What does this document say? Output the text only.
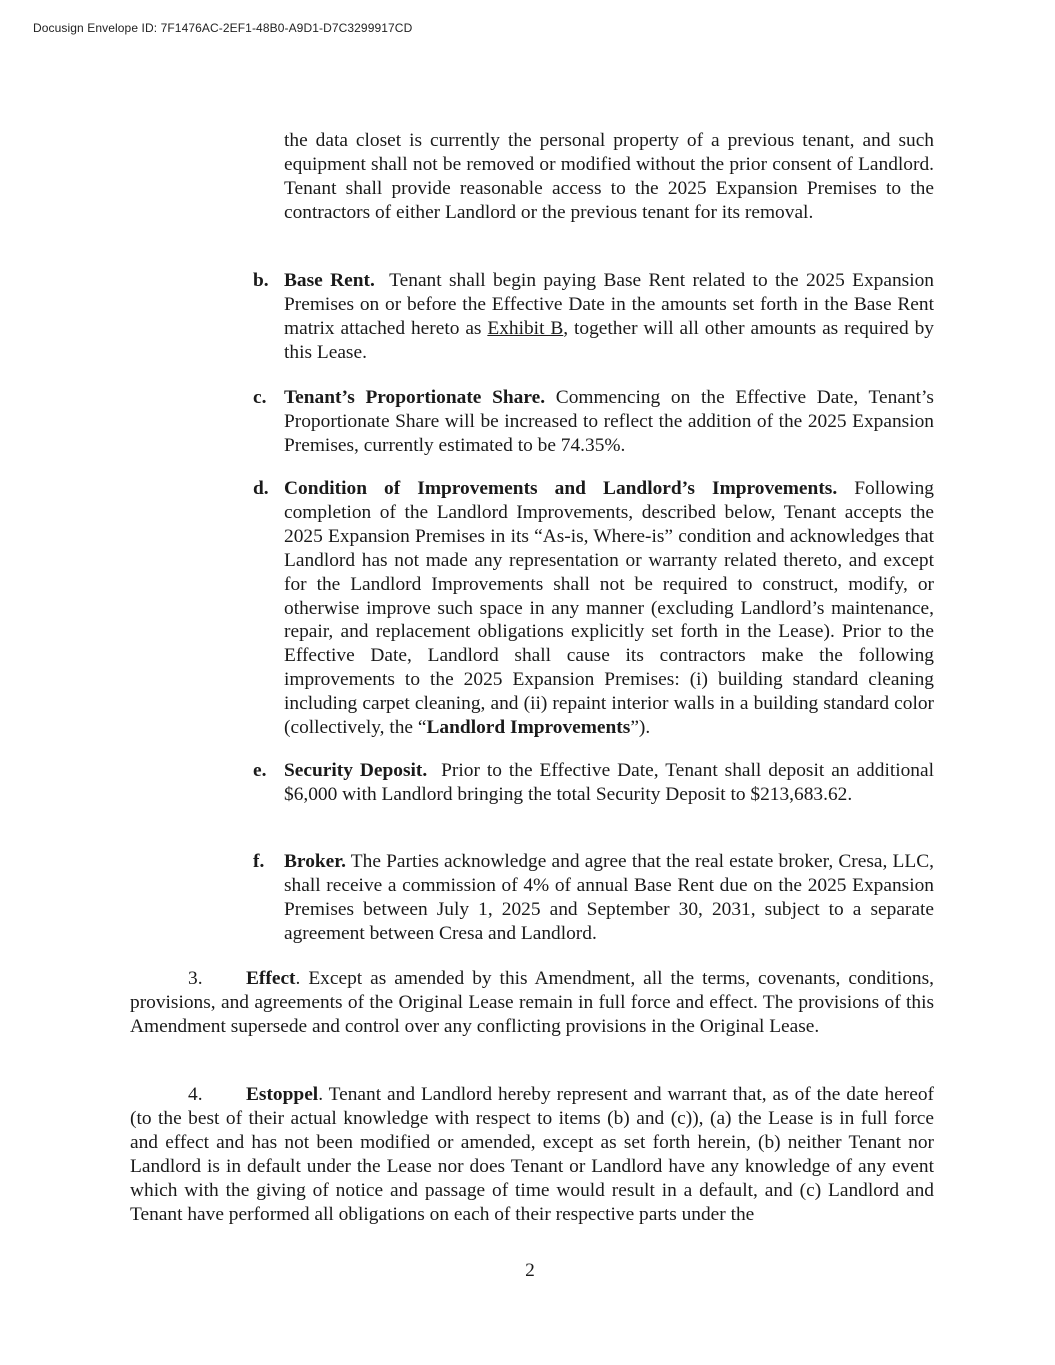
Docusign Envelope ID: 7F1476AC-2EF1-48B0-A9D1-D7C3299917CD
the data closet is currently the personal property of a previous tenant, and such equipment shall not be removed or modified without the prior consent of Landlord. Tenant shall provide reasonable access to the 2025 Expansion Premises to the contractors of either Landlord or the previous tenant for its removal.
b. Base Rent. Tenant shall begin paying Base Rent related to the 2025 Expansion Premises on or before the Effective Date in the amounts set forth in the Base Rent matrix attached hereto as Exhibit B, together will all other amounts as required by this Lease.
c. Tenant’s Proportionate Share. Commencing on the Effective Date, Tenant’s Proportionate Share will be increased to reflect the addition of the 2025 Expansion Premises, currently estimated to be 74.35%.
d. Condition of Improvements and Landlord’s Improvements. Following completion of the Landlord Improvements, described below, Tenant accepts the 2025 Expansion Premises in its “As-is, Where-is” condition and acknowledges that Landlord has not made any representation or warranty related thereto, and except for the Landlord Improvements shall not be required to construct, modify, or otherwise improve such space in any manner (excluding Landlord’s maintenance, repair, and replacement obligations explicitly set forth in the Lease). Prior to the Effective Date, Landlord shall cause its contractors make the following improvements to the 2025 Expansion Premises: (i) building standard cleaning including carpet cleaning, and (ii) repaint interior walls in a building standard color (collectively, the “Landlord Improvements”).
e. Security Deposit. Prior to the Effective Date, Tenant shall deposit an additional $6,000 with Landlord bringing the total Security Deposit to $213,683.62.
f. Broker. The Parties acknowledge and agree that the real estate broker, Cresa, LLC, shall receive a commission of 4% of annual Base Rent due on the 2025 Expansion Premises between July 1, 2025 and September 30, 2031, subject to a separate agreement between Cresa and Landlord.
3. Effect. Except as amended by this Amendment, all the terms, covenants, conditions, provisions, and agreements of the Original Lease remain in full force and effect. The provisions of this Amendment supersede and control over any conflicting provisions in the Original Lease.
4. Estoppel. Tenant and Landlord hereby represent and warrant that, as of the date hereof (to the best of their actual knowledge with respect to items (b) and (c)), (a) the Lease is in full force and effect and has not been modified or amended, except as set forth herein, (b) neither Tenant nor Landlord is in default under the Lease nor does Tenant or Landlord have any knowledge of any event which with the giving of notice and passage of time would result in a default, and (c) Landlord and Tenant have performed all obligations on each of their respective parts under the
2
